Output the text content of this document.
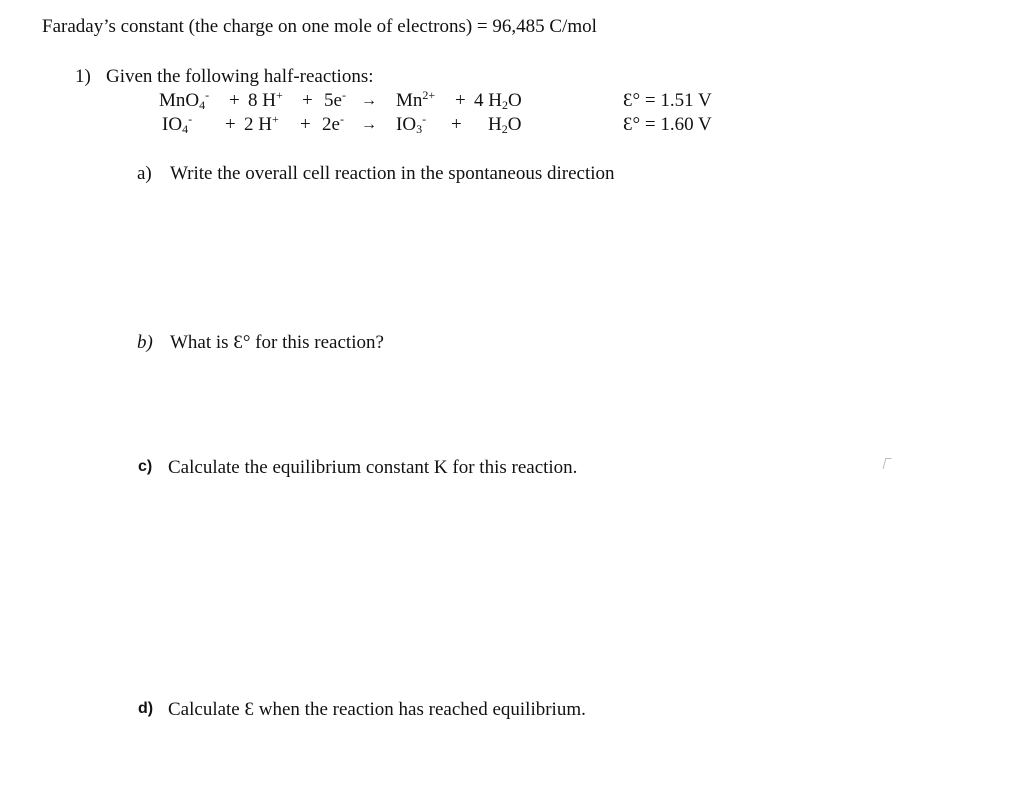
Faraday’s constant (the charge on one mole of electrons) = 96,485 C/mol
1) Given the following half-reactions:
MnO$_4$- + 8 $H^+ + 5e^- \to Mn^{2+} + 4$ $H_2O$	Ɛ° = 1.51 V
$IO_4^- + 2$ $H^+ + 2e^- \to IO_3^- + H_2O$	Ɛ° = 1.60 V
a) Write the overall cell reaction in the spontaneous direction
b) What is Ɛ° for this reaction?
c) Calculate the equilibrium constant K for this reaction.
d) Calculate Ɛ when the reaction has reached equilibrium.
